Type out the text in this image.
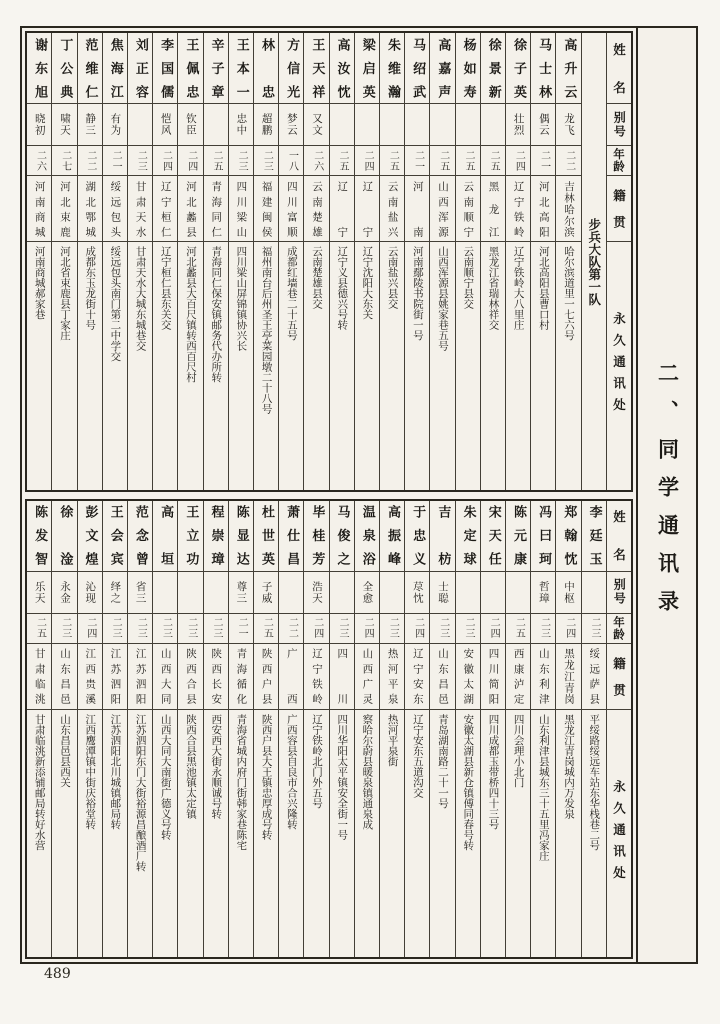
姓名
别号
年龄
籍贯
永久通讯处
步兵大队第一队
高升云
龙飞
二二
吉林哈尔滨
哈尔滨道里一七六号
马士林
偶云
二一
河北高阳
河北高阳县曹口村
徐子英
壮烈
二四
辽宁铁岭
辽宁铁岭大八里庄
徐景新
二五
黑龙江
黑龙江省瑞林祥交
杨如寿
二五
云南顺宁
云南顺宁县交
高嘉声
二五
山西浑源
山西浑源县姚家巷五号
马绍武
二一
河南
河南鄢陵书院街一号
朱维瀚
二五
云南盐兴
云南盐兴县交
梁启英
二四
辽宁
辽宁沈阳大东关
高汝忱
二五
辽宁
辽宁义县德兴号转
王天祥
又文
二六
云南楚雄
云南楚雄县交
方信光
梦云
一八
四川富顺
成都红墙巷二十五号
林忠
超鹏
二三
福建闽侯
福州南台后州圣王亭菜园墩二十八号
王本一
忠中
二三
四川梁山
四川梁山屏锦镇协兴长
辛子章
二五
青海同仁
青海同仁保安镇邮务代办所转
王佩忠
钦臣
二四
河北蠡县
河北蠡县大百尺镇转西百尺村
李国儒
恺风
二四
辽宁桓仁
辽宁桓仁县东关交
刘正容
二三
甘肃天水
甘肃天水大城东城巷交
焦海江
有为
二一
绥远包头
绥远包头南门第二中学交
范维仁
静三
二二
湖北鄂城
成都东玉龙街十号
丁公典
啸天
二七
河北束鹿
河北省束鹿县丁家庄
谢东旭
晓初
二六
河南商城
河南商城郝家巷
姓名
别号
年龄
籍贯
永久通讯处
李廷玉
二三
绥远萨县
平绥路绥远车站东华栈巷二号
郑翰忱
中枢
二四
黑龙江青岗
黑龙江青岗城内万发泉
冯曰珂
哲璋
二三
山东利津
山东利津县城东三十五里冯家庄
陈元康
二五
西康泸定
四川会理小北门
宋天任
二四
四川简阳
四川成都玉带桥四十三号
朱定球
二三
安徽太湖
安徽太湖县新仓镇傅同春号转
吉枋
士聪
二三
山东昌邑
青岛湖南路二十一号
于忠义
荩忱
二四
辽宁安东
辽宁安东五道沟交
高振峰
二三
热河平泉
热河平泉街
温泉浴
全愈
二四
山西广灵
察哈尔蔚县暖泉镇通泉成
马俊之
二三
四川
四川华阳太平镇安全街一号
毕桂芳
浩天
二四
辽宁铁岭
辽宁铁岭北门外五号
萧仕昌
二二
广西
广西容县自良市合兴隆转
杜世英
子威
二五
陕西户县
陕西户县大王镇忠厚成号转
陈显达
尊三
二一
青海循化
青海省城内府门街韩家巷陈宅
程崇璋
二三
陕西长安
西安西大街永顺诚号转
王立功
二三
陕西合县
陕西合县黑池镇太定镇
高垣
二三
山西大同
山西大同大南街广德义号转
范念曾
省三
二三
江苏泗阳
江苏泗阳东门大街裕源昌酿酒厂转
王会宾
绎之
二三
江苏泗阳
江苏泗阳北川城镇邮局转
彭文煌
沁现
二四
江西贵溪
江西鹰潭镇中街庆裕堂转
徐淦
永金
二三
山东昌邑
山东昌邑县西关
陈发智
乐天
二五
甘肃临洮
甘肃临洮新添铺邮局转好水营
二、同学通讯录
489
